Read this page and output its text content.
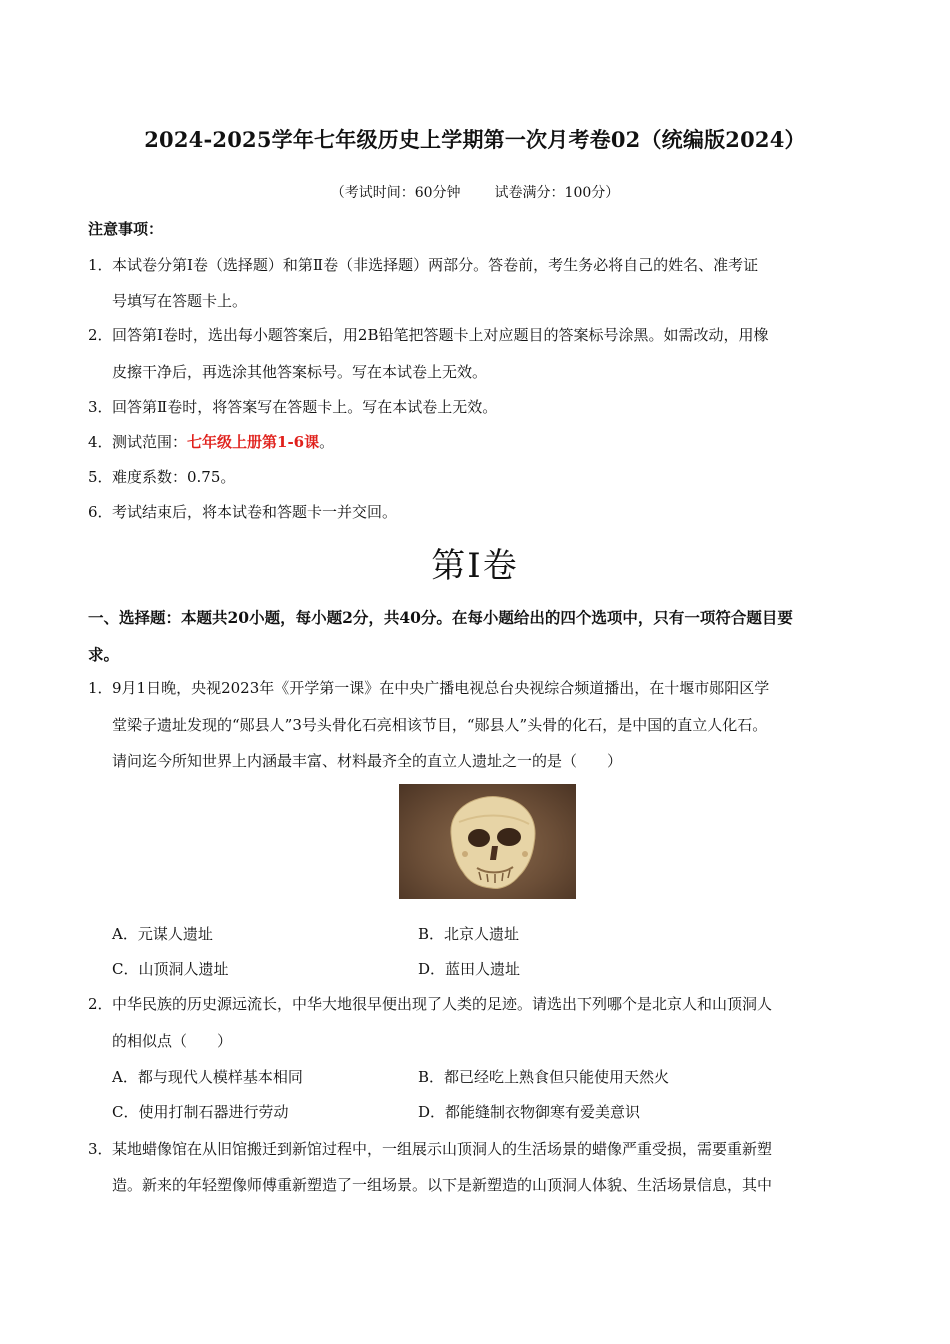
2024-2025学年七年级历史上学期第一次月考卷02（统编版2024）
（考试时间：60分钟 试卷满分：100分）
注意事项：
1．本试卷分第Ⅰ卷（选择题）和第Ⅱ卷（非选择题）两部分。答卷前，考生务必将自己的姓名、准考证
号填写在答题卡上。
2．回答第Ⅰ卷时，选出每小题答案后，用2B铅笔把答题卡上对应题目的答案标号涂黑。如需改动，用橡
皮擦干净后，再选涂其他答案标号。写在本试卷上无效。
3．回答第Ⅱ卷时，将答案写在答题卡上。写在本试卷上无效。
4．测试范围：七年级上册第1-6课。
5．难度系数：0.75。
6．考试结束后，将本试卷和答题卡一并交回。
第Ⅰ卷
一、选择题：本题共20小题，每小题2分，共40分。在每小题给出的四个选项中，只有一项符合题目要
求。
1．9月1日晚，央视2023年《开学第一课》在中央广播电视总台央视综合频道播出，在十堰市郧阳区学
堂梁子遗址发现的“郧县人”3号头骨化石亮相该节目，“郧县人”头骨的化石，是中国的直立人化石。
请问迄今所知世界上内涵最丰富、材料最齐全的直立人遗址之一的是（　　）
A．元谋人遗址	B．北京人遗址
C．山顶洞人遗址	D．蓝田人遗址
2．中华民族的历史源远流长，中华大地很早便出现了人类的足迹。请选出下列哪个是北京人和山顶洞人
的相似点（　　）
A．都与现代人模样基本相同	B．都已经吃上熟食但只能使用天然火
C．使用打制石器进行劳动	D．都能缝制衣物御寒有爱美意识
3．某地蜡像馆在从旧馆搬迁到新馆过程中，一组展示山顶洞人的生活场景的蜡像严重受损，需要重新塑
造。新来的年轻塑像师傅重新塑造了一组场景。以下是新塑造的山顶洞人体貌、生活场景信息，其中
